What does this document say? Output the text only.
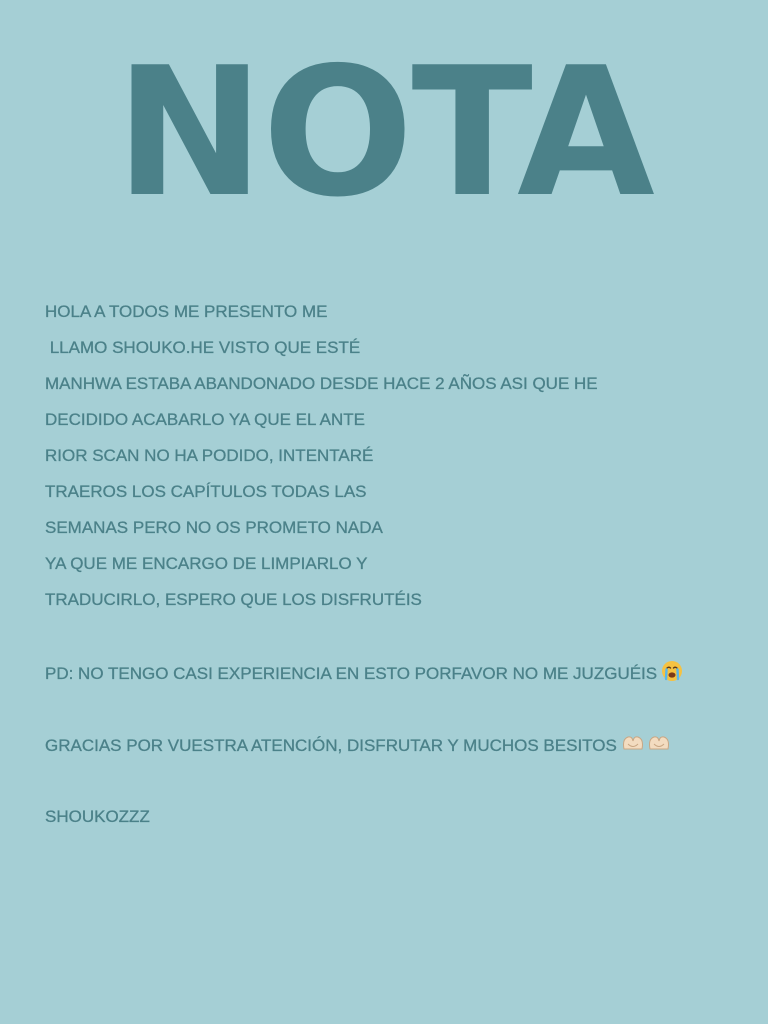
NOTA
HOLA A TODOS ME PRESENTO ME
LLAMO SHOUKO.HE VISTO QUE ESTÉ
MANHWA ESTABA ABANDONADO DESDE HACE 2 AÑOS ASI QUE HE
DECIDIDO ACABARLO YA QUE EL ANTE
RIOR SCAN NO HA PODIDO, INTENTARÉ
TRAEROS LOS CAPÍTULOS TODAS LAS
SEMANAS PERO NO OS PROMETO NADA
YA QUE ME ENCARGO DE LIMPIARLO Y
TRADUCIRLO, ESPERO QUE LOS DISFRUTÉIS
PD: NO TENGO CASI EXPERIENCIA EN ESTO PORFAVOR NO ME JUZGUÉIS
GRACIAS POR VUESTRA ATENCIÓN, DISFRUTAR Y MUCHOS BESITOS
SHOUKOZZZ
